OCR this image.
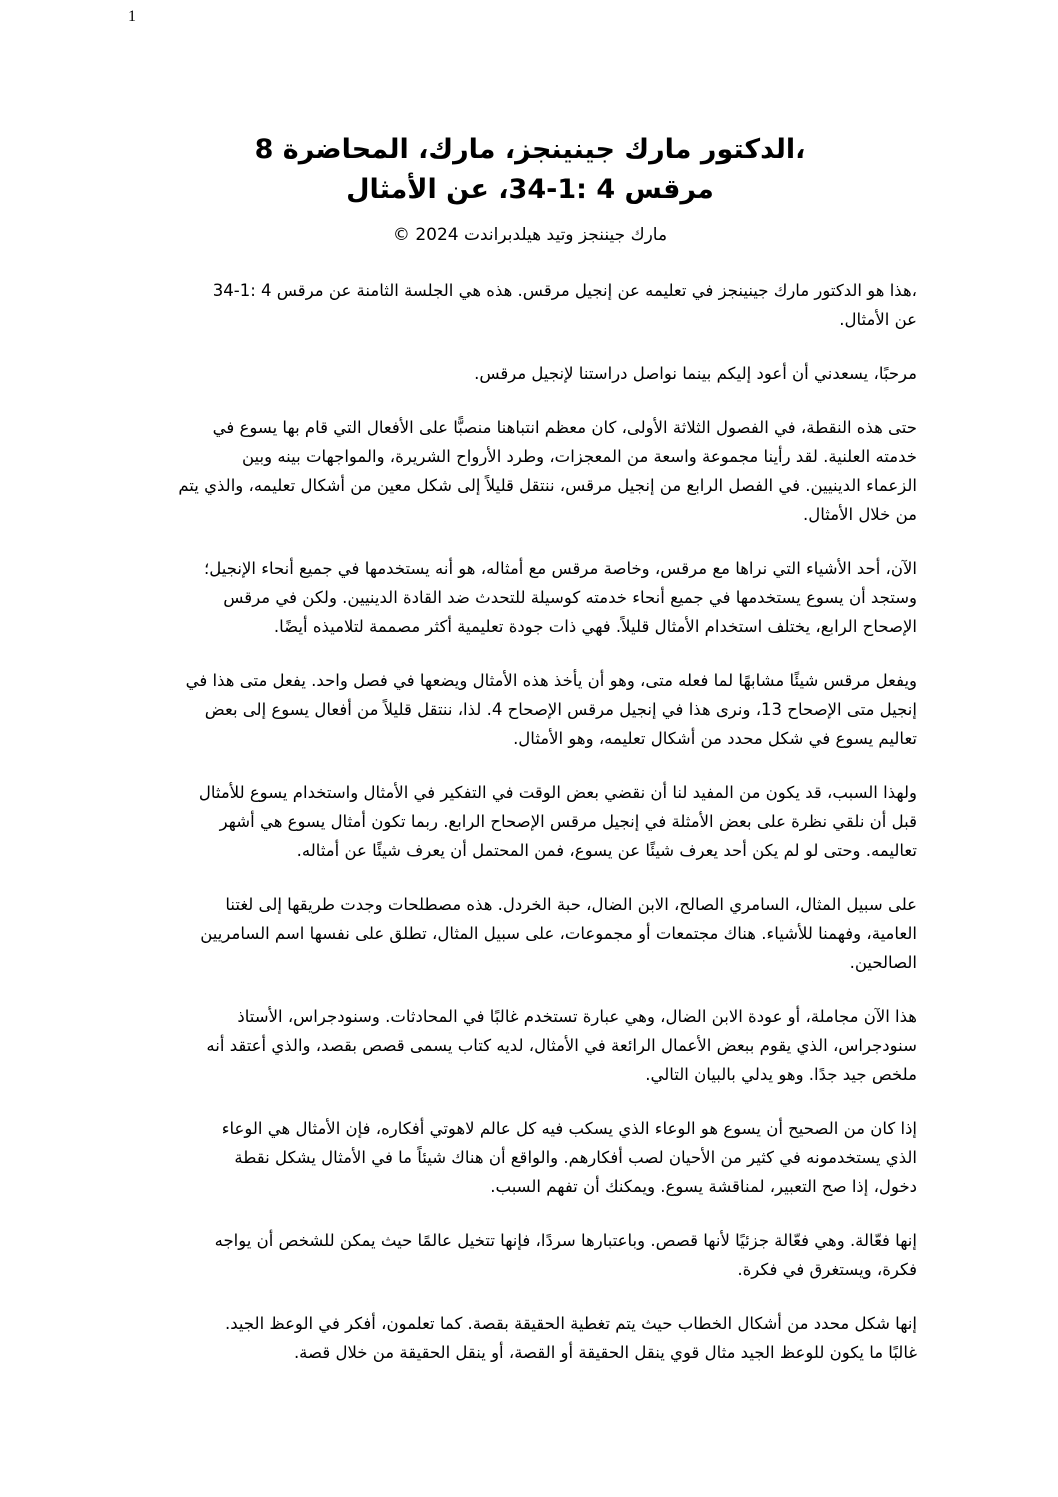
1
،الدكتور مارك جينينجز، مارك، المحاضرة 8
مرقس 4 :1-34، عن الأمثال
مارك جيننجز وتيد هيلدبراندت 2024 ©
،هذا هو الدكتور مارك جينينجز في تعليمه عن إنجيل مرقس. هذه هي الجلسة الثامنة عن مرقس 4 :1-34
عن الأمثال.
مرحبًا، يسعدني أن أعود إليكم بينما نواصل دراستنا لإنجيل مرقس.
حتى هذه النقطة، في الفصول الثلاثة الأولى، كان معظم انتباهنا منصبًّا على الأفعال التي قام بها يسوع في
خدمته العلنية. لقد رأينا مجموعة واسعة من المعجزات، وطرد الأرواح الشريرة، والمواجهات بينه وبين
الزعماء الدينيين. في الفصل الرابع من إنجيل مرقس، ننتقل قليلاً إلى شكل معين من أشكال تعليمه، والذي يتم
من خلال الأمثال.
الآن، أحد الأشياء التي نراها مع مرقس، وخاصة مرقس مع أمثاله، هو أنه يستخدمها في جميع أنحاء الإنجيل؛
وستجد أن يسوع يستخدمها في جميع أنحاء خدمته كوسيلة للتحدث ضد القادة الدينيين. ولكن في مرقس
الإصحاح الرابع، يختلف استخدام الأمثال قليلاً. فهي ذات جودة تعليمية أكثر مصممة لتلاميذه أيضًا.
ويفعل مرقس شيئًا مشابهًا لما فعله متى، وهو أن يأخذ هذه الأمثال ويضعها في فصل واحد. يفعل متى هذا في
إنجيل متى الإصحاح 13، ونرى هذا في إنجيل مرقس الإصحاح 4. لذا، ننتقل قليلاً من أفعال يسوع إلى بعض
تعاليم يسوع في شكل محدد من أشكال تعليمه، وهو الأمثال.
ولهذا السبب، قد يكون من المفيد لنا أن نقضي بعض الوقت في التفكير في الأمثال واستخدام يسوع للأمثال
قبل أن نلقي نظرة على بعض الأمثلة في إنجيل مرقس الإصحاح الرابع. ربما تكون أمثال يسوع هي أشهر
تعاليمه. وحتى لو لم يكن أحد يعرف شيئًا عن يسوع، فمن المحتمل أن يعرف شيئًا عن أمثاله.
على سبيل المثال، السامري الصالح، الابن الضال، حبة الخردل. هذه مصطلحات وجدت طريقها إلى لغتنا
العامية، وفهمنا للأشياء. هناك مجتمعات أو مجموعات، على سبيل المثال، تطلق على نفسها اسم السامريين
الصالحين.
هذا الآن مجاملة، أو عودة الابن الضال، وهي عبارة تستخدم غالبًا في المحادثات. وسنودجراس، الأستاذ
سنودجراس، الذي يقوم ببعض الأعمال الرائعة في الأمثال، لديه كتاب يسمى قصص بقصد، والذي أعتقد أنه
ملخص جيد جدًا. وهو يدلي بالبيان التالي.
إذا كان من الصحيح أن يسوع هو الوعاء الذي يسكب فيه كل عالم لاهوتي أفكاره، فإن الأمثال هي الوعاء
الذي يستخدمونه في كثير من الأحيان لصب أفكارهم. والواقع أن هناك شيئاً ما في الأمثال يشكل نقطة
دخول، إذا صح التعبير، لمناقشة يسوع. ويمكنك أن تفهم السبب.
إنها فعّالة. وهي فعّالة جزئيًا لأنها قصص. وباعتبارها سردًا، فإنها تتخيل عالمًا حيث يمكن للشخص أن يواجه
فكرة، ويستغرق في فكرة.
إنها شكل محدد من أشكال الخطاب حيث يتم تغطية الحقيقة بقصة. كما تعلمون، أفكر في الوعظ الجيد.
غالبًا ما يكون للوعظ الجيد مثال قوي ينقل الحقيقة أو القصة، أو ينقل الحقيقة من خلال قصة.
